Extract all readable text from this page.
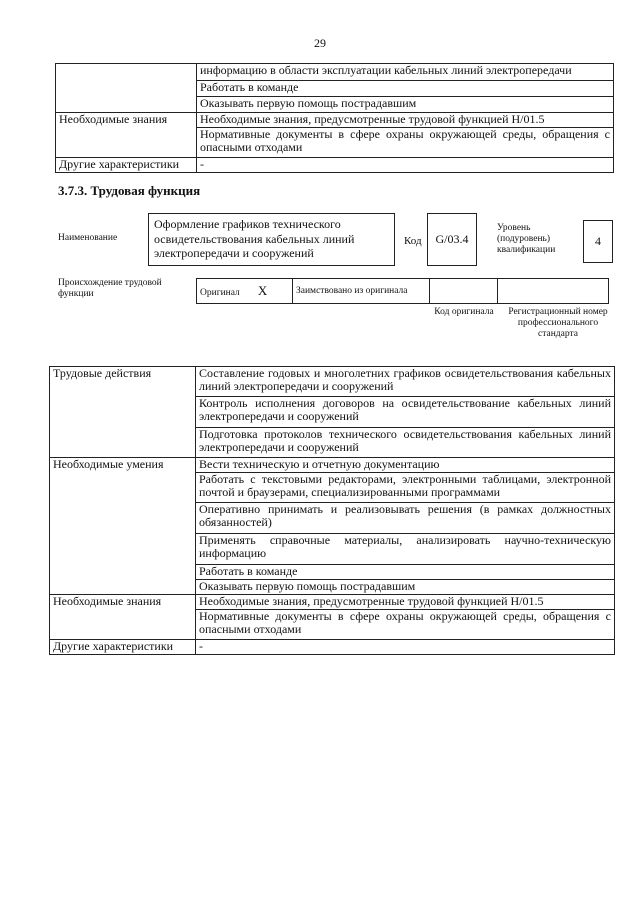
29
	информацию в области эксплуатации кабельных линий электропередачи
	Работать в команде
	Оказывать первую помощь пострадавшим
Необходимые знания	Необходимые знания, предусмотренные трудовой функцией H/01.5
	Нормативные документы в сфере охраны окружающей среды, обращения с опасными отходами
Другие характеристики	-
3.7.3. Трудовая функция
Наименование
Оформление графиков технического освидетельствования кабельных линий электропередачи и сооружений
Код	G/03.4
Уровень (подуровень) квалификации
4
Происхождение трудовой функции	Оригинал X	Заимствовано из оригинала		
Код оригинала	Регистрационный номер профессионального стандарта
Трудовые действия	Составление годовых и многолетних графиков освидетельствования кабельных линий электропередачи и сооружений
	Контроль исполнения договоров на освидетельствование кабельных линий электропередачи и сооружений
	Подготовка протоколов технического освидетельствования кабельных линий электропередачи и сооружений
Необходимые умения	Вести техническую и отчетную документацию
	Работать с текстовыми редакторами, электронными таблицами, электронной почтой и браузерами, специализированными программами
	Оперативно принимать и реализовывать решения (в рамках должностных обязанностей)
	Применять справочные материалы, анализировать научно-техническую информацию
	Работать в команде
	Оказывать первую помощь пострадавшим
Необходимые знания	Необходимые знания, предусмотренные трудовой функцией H/01.5
	Нормативные документы в сфере охраны окружающей среды, обращения с опасными отходами
Другие характеристики	-
